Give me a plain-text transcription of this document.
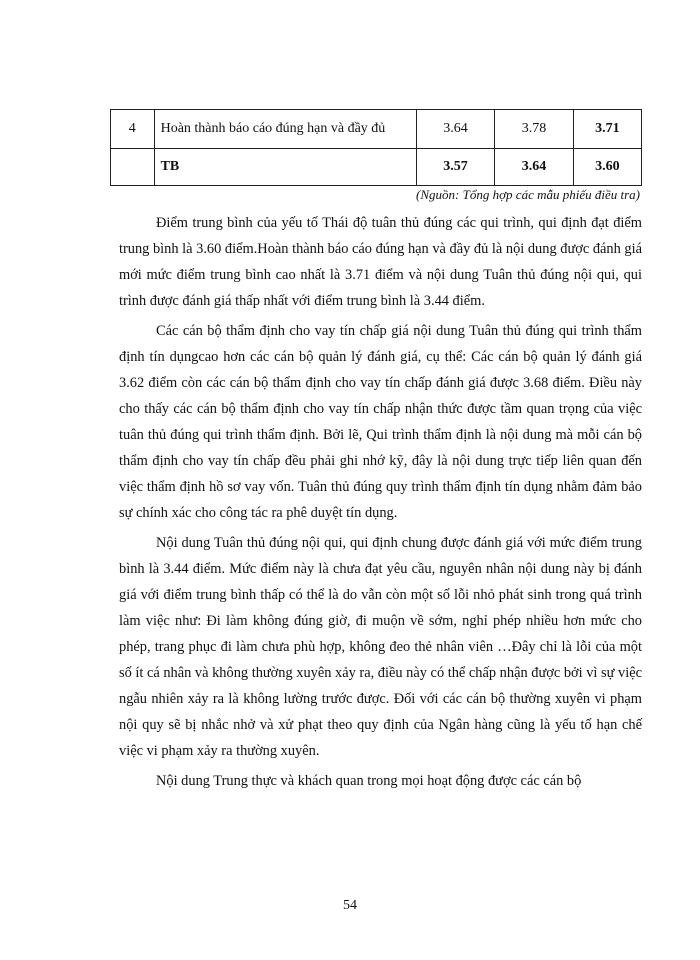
4	Hoàn thành báo cáo đúng hạn và đầy đủ	3.64	3.78	3.71
	TB	3.57	3.64	3.60
(Nguồn: Tổng hợp các mẫu phiếu điều tra)

Điểm trung bình của yếu tố Thái độ tuân thủ đúng các qui trình, qui định đạt điểm trung bình là 3.60 điểm.Hoàn thành báo cáo đúng hạn và đầy đủ là nội dung được đánh giá mới mức điểm trung bình cao nhất là 3.71 điểm và nội dung Tuân thủ đúng nội qui, qui trình được đánh giá thấp nhất với điểm trung bình là 3.44 điểm.

Các cán bộ thẩm định cho vay tín chấp giá nội dung Tuân thủ đúng qui trình thẩm định tín dụngcao hơn các cán bộ quản lý đánh giá, cụ thể: Các cán bộ quản lý đánh giá 3.62 điểm còn các cán bộ thẩm định cho vay tín chấp đánh giá được 3.68 điểm. Điều này cho thấy các cán bộ thẩm định cho vay tín chấp nhận thức được tầm quan trọng của việc tuân thủ đúng qui trình thẩm định. Bởi lẽ, Qui trình thẩm định là nội dung mà mỗi cán bộ thẩm định cho vay tín chấp đều phải ghi nhớ kỹ, đây là nội dung trực tiếp liên quan đến việc thẩm định hồ sơ vay vốn. Tuân thủ đúng quy trình thẩm định tín dụng nhằm đảm bảo sự chính xác cho công tác ra phê duyệt tín dụng.

Nội dung Tuân thủ đúng nội qui, qui định chung được đánh giá với mức điểm trung bình là 3.44 điểm. Mức điểm này là chưa đạt yêu cầu, nguyên nhân nội dung này bị đánh giá với điểm trung bình thấp có thể là do vẫn còn một số lỗi nhỏ phát sinh trong quá trình làm việc như: Đi làm không đúng giờ, đi muộn về sớm, nghỉ phép nhiều hơn mức cho phép, trang phục đi làm chưa phù hợp, không đeo thẻ nhân viên …Đây chỉ là lỗi của một số ít cá nhân và không thường xuyên xảy ra, điều này có thể chấp nhận được bởi vì sự việc ngẫu nhiên xảy ra là không lường trước được. Đối với các cán bộ thường xuyên vi phạm nội quy sẽ bị nhắc nhở và xử phạt theo quy định của Ngân hàng cũng là yếu tố hạn chế việc vi phạm xảy ra thường xuyên.

Nội dung Trung thực và khách quan trong mọi hoạt động được các cán bộ

54
